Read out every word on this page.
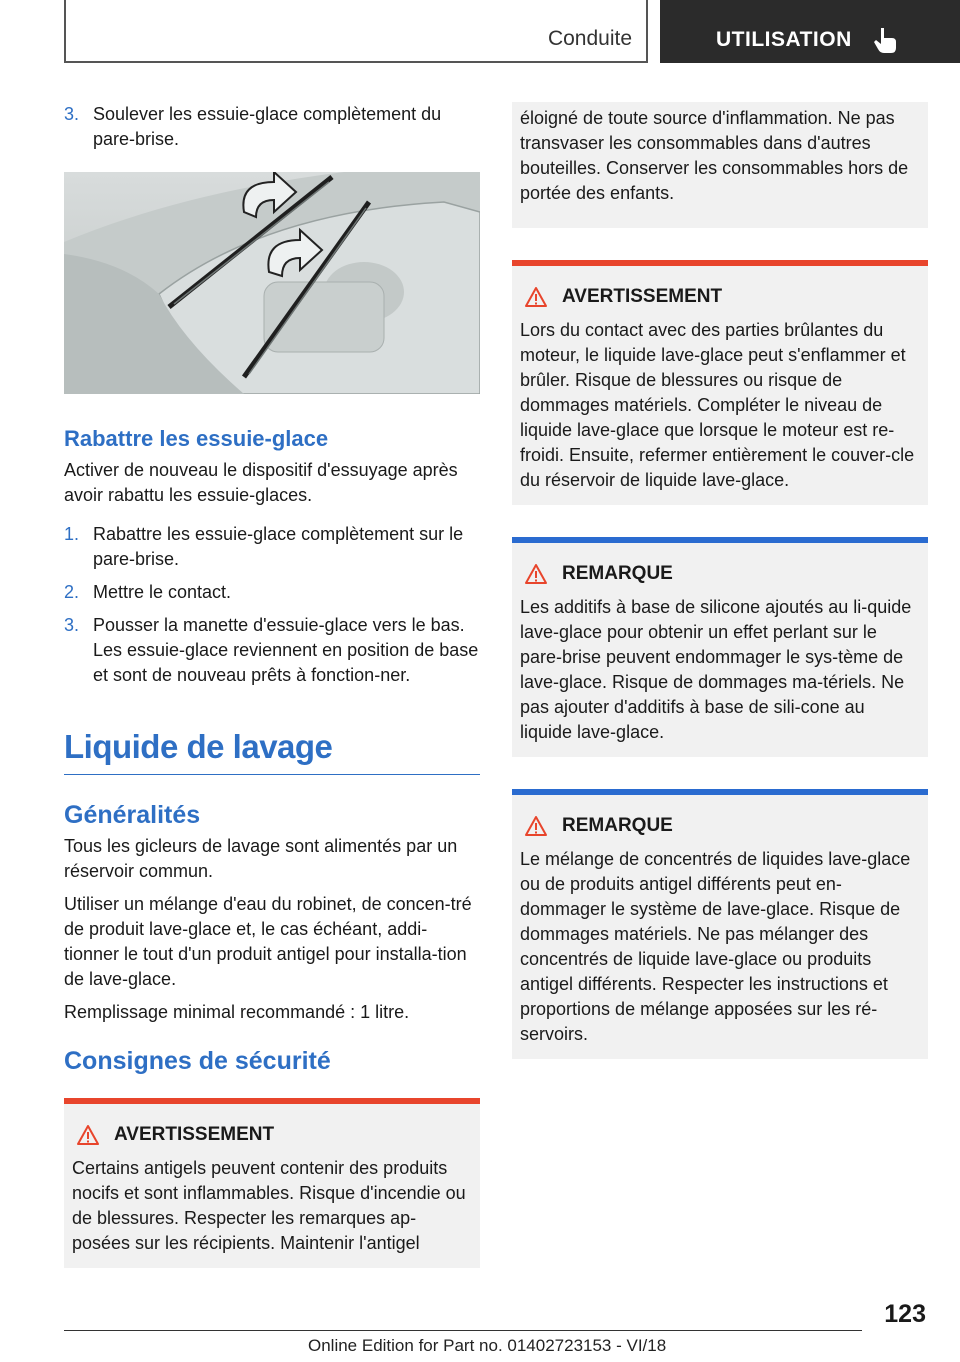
Conduite	UTILISATION
3. Soulever les essuie-glace complètement du pare-brise.
Rabattre les essuie-glace

Activer de nouveau le dispositif d'essuyage après avoir rabattu les essuie-glaces.

1. Rabattre les essuie-glace complètement sur le pare-brise.
2. Mettre le contact.
3. Pousser la manette d'essuie-glace vers le bas. Les essuie-glace reviennent en position de base et sont de nouveau prêts à fonction-ner.
Liquide de lavage
Généralités

Tous les gicleurs de lavage sont alimentés par un réservoir commun.

Utiliser un mélange d'eau du robinet, de concen-tré de produit lave-glace et, le cas échéant, addi-tionner le tout d'un produit antigel pour installa-tion de lave-glace.

Remplissage minimal recommandé : 1 litre.

Consignes de sécurité
AVERTISSEMENT

Certains antigels peuvent contenir des produits nocifs et sont inflammables. Risque d'incendie ou de blessures. Respecter les remarques ap-posées sur les récipients. Maintenir l'antigel

éloigné de toute source d'inflammation. Ne pas transvaser les consommables dans d'autres bouteilles. Conserver les consommables hors de portée des enfants.

AVERTISSEMENT

Lors du contact avec des parties brûlantes du moteur, le liquide lave-glace peut s'enflammer et brûler. Risque de blessures ou risque de dommages matériels. Compléter le niveau de liquide lave-glace que lorsque le moteur est re-froidi. Ensuite, refermer entièrement le couver-cle du réservoir de liquide lave-glace.

REMARQUE

Les additifs à base de silicone ajoutés au li-quide lave-glace pour obtenir un effet perlant sur le pare-brise peuvent endommager le sys-tème de lave-glace. Risque de dommages ma-tériels. Ne pas ajouter d'additifs à base de sili-cone au liquide lave-glace.

REMARQUE

Le mélange de concentrés de liquides lave-glace ou de produits antigel différents peut en-dommager le système de lave-glace. Risque de dommages matériels. Ne pas mélanger des concentrés de liquide lave-glace ou produits antigel différents. Respecter les instructions et proportions de mélange apposées sur les ré-servoirs.

123
Online Edition for Part no. 01402723153 - VI/18
